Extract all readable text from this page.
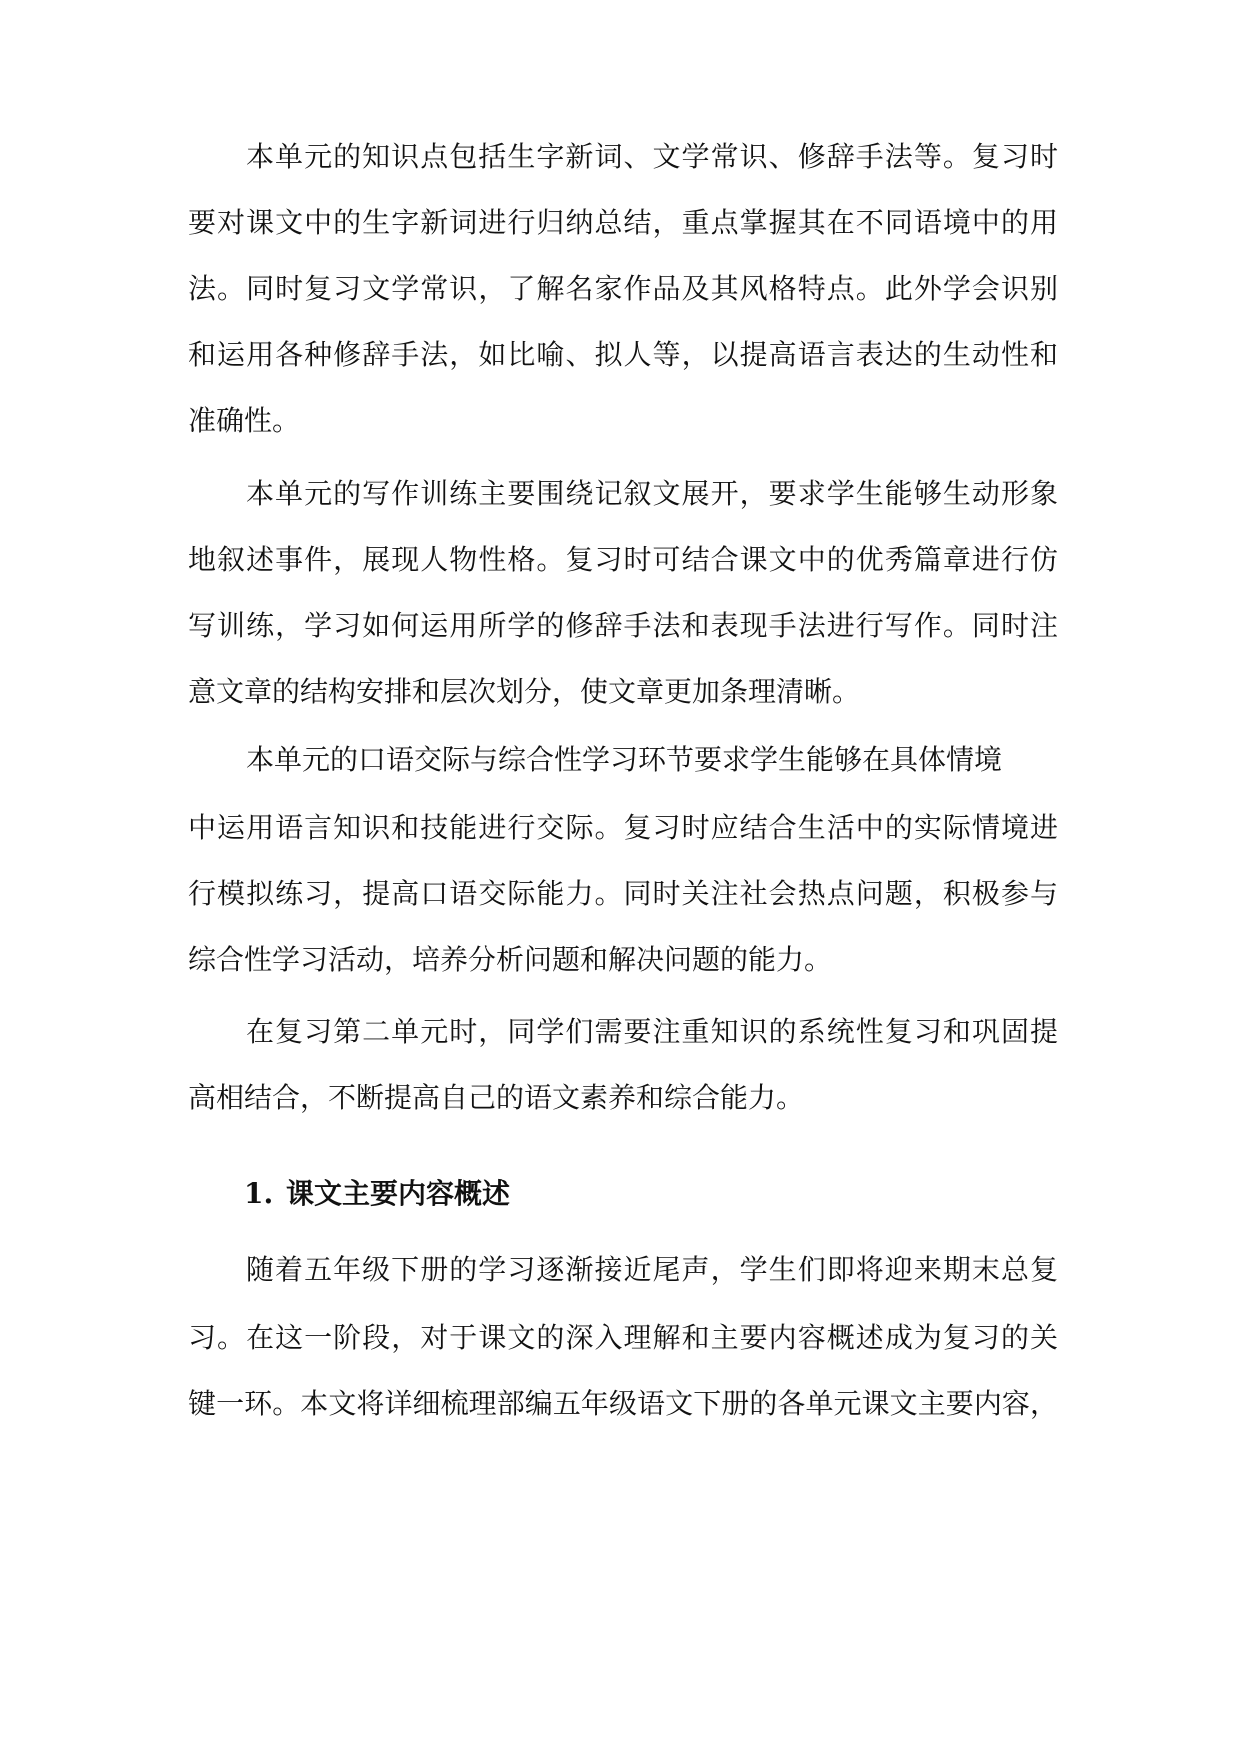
本单元的知识点包括生字新词、文学常识、修辞手法等。复习时
要对课文中的生字新词进行归纳总结，重点掌握其在不同语境中的用
法。同时复习文学常识，了解名家作品及其风格特点。此外学会识别
和运用各种修辞手法，如比喻、拟人等，以提高语言表达的生动性和
准确性。
本单元的写作训练主要围绕记叙文展开，要求学生能够生动形象
地叙述事件，展现人物性格。复习时可结合课文中的优秀篇章进行仿
写训练，学习如何运用所学的修辞手法和表现手法进行写作。同时注
意文章的结构安排和层次划分，使文章更加条理清晰。
本单元的口语交际与综合性学习环节要求学生能够在具体情境
中运用语言知识和技能进行交际。复习时应结合生活中的实际情境进
行模拟练习，提高口语交际能力。同时关注社会热点问题，积极参与
综合性学习活动，培养分析问题和解决问题的能力。
在复习第二单元时，同学们需要注重知识的系统性复习和巩固提
高相结合，不断提高自己的语文素养和综合能力。
1. 课文主要内容概述
随着五年级下册的学习逐渐接近尾声，学生们即将迎来期末总复
习。在这一阶段，对于课文的深入理解和主要内容概述成为复习的关
键一环。本文将详细梳理部编五年级语文下册的各单元课文主要内容，
